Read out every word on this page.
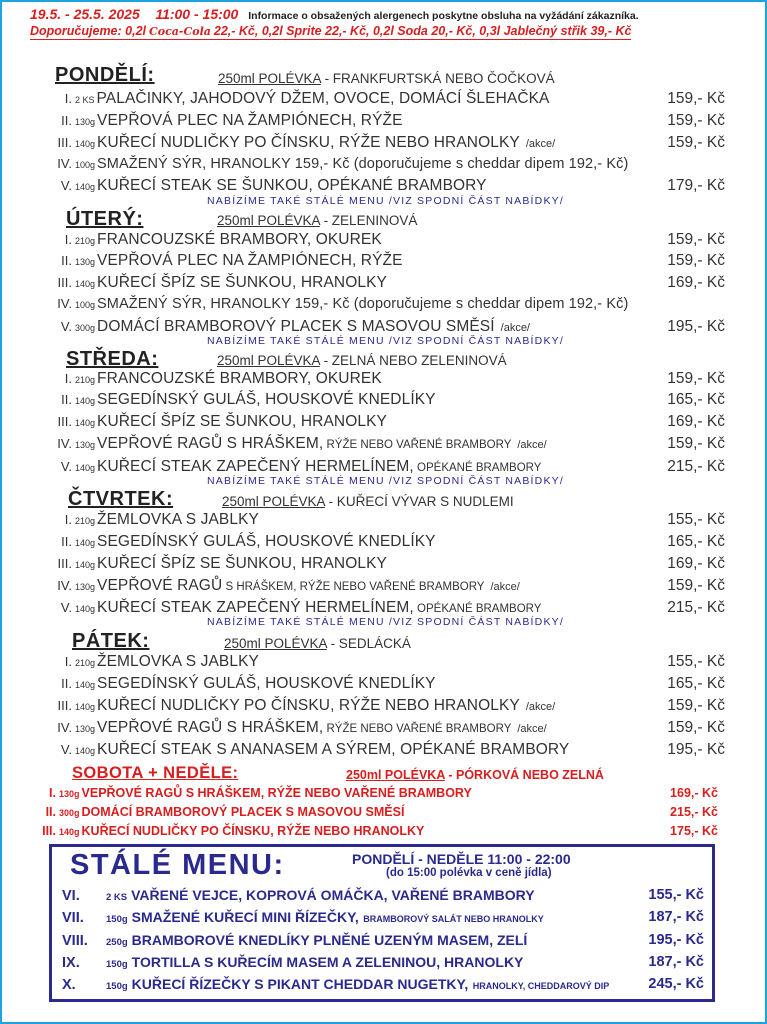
19.5. - 25.5. 2025 11:00 - 15:00 Informace o obsažených alergenech poskytne obsluha na vyžádání zákazníka.
Doporučujeme: 0,2l Coca-Cola 22,- Kč, 0,2l Sprite 22,- Kč, 0,2l Soda 20,- Kč, 0,3l Jablečný střik 39,- Kč
PONDĚLÍ:	250ml POLÉVKA - FRANKFURTSKÁ NEBO ČOČKOVÁ
I. 2 KS PALAČINKY, JAHODOVÝ DŽEM, OVOCE, DOMÁCÍ ŠLEHAČKA	159,- Kč
II. 130g VEPŘOVÁ PLEC NA ŽAMPIÓNECH, RÝŽE	159,- Kč
III. 140g KUŘECÍ NUDLIČKY PO ČÍNSKU, RÝŽE NEBO HRANOLKY /akce/	159,- Kč
IV. 100g SMAŽENÝ SÝR, HRANOLKY 159,- Kč (doporučujeme s cheddar dipem 192,- Kč)
V. 140g KUŘECÍ STEAK SE ŠUNKOU, OPÉKANÉ BRAMBORY	179,- Kč
NABÍZÍME TAKÉ STÁLÉ MENU /VIZ SPODNÍ ČÁST NABÍDKY/
ÚTERÝ:	250ml POLÉVKA - ZELENINOVÁ
I. 210g FRANCOUZSKÉ BRAMBORY, OKUREK	159,- Kč
II. 130g VEPŘOVÁ PLEC NA ŽAMPIÓNECH, RÝŽE	159,- Kč
III. 140g KUŘECÍ ŠPÍZ SE ŠUNKOU, HRANOLKY	169,- Kč
IV. 100g SMAŽENÝ SÝR, HRANOLKY 159,- Kč (doporučujeme s cheddar dipem 192,- Kč)
V. 300g DOMÁCÍ BRAMBOROVÝ PLACEK S MASOVOU SMĚSÍ /akce/	195,- Kč
NABÍZÍME TAKÉ STÁLÉ MENU /VIZ SPODNÍ ČÁST NABÍDKY/
STŘEDA:	250ml POLÉVKA - ZELNÁ NEBO ZELENINOVÁ
I. 210g FRANCOUZSKÉ BRAMBORY, OKUREK	159,- Kč
II. 140g SEGEDÍNSKÝ GULÁŠ, HOUSKOVÉ KNEDLÍKY	165,- Kč
III. 140g KUŘECÍ ŠPÍZ SE ŠUNKOU, HRANOLKY	169,- Kč
IV. 130g VEPŘOVÉ RAGŮ S HRÁŠKEM, RÝŽE NEBO VAŘENÉ BRAMBORY /akce/	159,- Kč
V. 140g KUŘECÍ STEAK ZAPEČENÝ HERMELÍNEM, OPÉKANÉ BRAMBORY	215,- Kč
NABÍZÍME TAKÉ STÁLÉ MENU /VIZ SPODNÍ ČÁST NABÍDKY/
ČTVRTEK:	250ml POLÉVKA - KUŘECÍ VÝVAR S NUDLEMI
I. 210g ŽEMLOVKA S JABLKY	155,- Kč
II. 140g SEGEDÍNSKÝ GULÁŠ, HOUSKOVÉ KNEDLÍKY	165,- Kč
III. 140g KUŘECÍ ŠPÍZ SE ŠUNKOU, HRANOLKY	169,- Kč
IV. 130g VEPŘOVÉ RAGŮ S HRÁŠKEM, RÝŽE NEBO VAŘENÉ BRAMBORY /akce/	159,- Kč
V. 140g KUŘECÍ STEAK ZAPEČENÝ HERMELÍNEM, OPÉKANÉ BRAMBORY	215,- Kč
NABÍZÍME TAKÉ STÁLÉ MENU /VIZ SPODNÍ ČÁST NABÍDKY/
PÁTEK:	250ml POLÉVKA - SEDLÁCKÁ
I. 210g ŽEMLOVKA S JABLKY	155,- Kč
II. 140g SEGEDÍNSKÝ GULÁŠ, HOUSKOVÉ KNEDLÍKY	165,- Kč
III. 140g KUŘECÍ NUDLIČKY PO ČÍNSKU, RÝŽE NEBO HRANOLKY /akce/	159,- Kč
IV. 130g VEPŘOVÉ RAGŮ S HRÁŠKEM, RÝŽE NEBO VAŘENÉ BRAMBORY /akce/	159,- Kč
V. 140g KUŘECÍ STEAK S ANANASEM A SÝREM, OPÉKANÉ BRAMBORY	195,- Kč
SOBOTA + NEDĚLE:	250ml POLÉVKA - PÓRKOVÁ NEBO ZELNÁ
I. 130g VEPŘOVÉ RAGŮ S HRÁŠKEM, RÝŽE NEBO VAŘENÉ BRAMBORY	169,- Kč
II. 300g DOMÁCÍ BRAMBOROVÝ PLACEK S MASOVOU SMĚSÍ	215,- Kč
III. 140g KUŘECÍ NUDLIČKY PO ČÍNSKU, RÝŽE NEBO HRANOLKY	175,- Kč
STÁLÉ MENU:	PONDĚLÍ - NEDĚLE 11:00 - 22:00
(do 15:00 polévka v ceně jídla)
VI.	2 KS VAŘENÉ VEJCE, KOPROVÁ OMÁČKA, VAŘENÉ BRAMBORY	155,- Kč
VII. 150g SMAŽENÉ KUŘECÍ MINI ŘÍZEČKY, BRAMBOROVÝ SALÁT NEBO HRANOLKY	187,- Kč
VIII. 250g BRAMBOROVÉ KNEDLÍKY PLNĚNÉ UZENÝM MASEM, ZELÍ	195,- Kč
IX.	150g TORTILLA S KUŘECÍM MASEM A ZELENINOU, HRANOLKY	187,- Kč
X.	150g KUŘECÍ ŘÍZEČKY S PIKANT CHEDDAR NUGETKY, HRANOLKY, CHEDDAROVÝ DIP	245,- Kč
